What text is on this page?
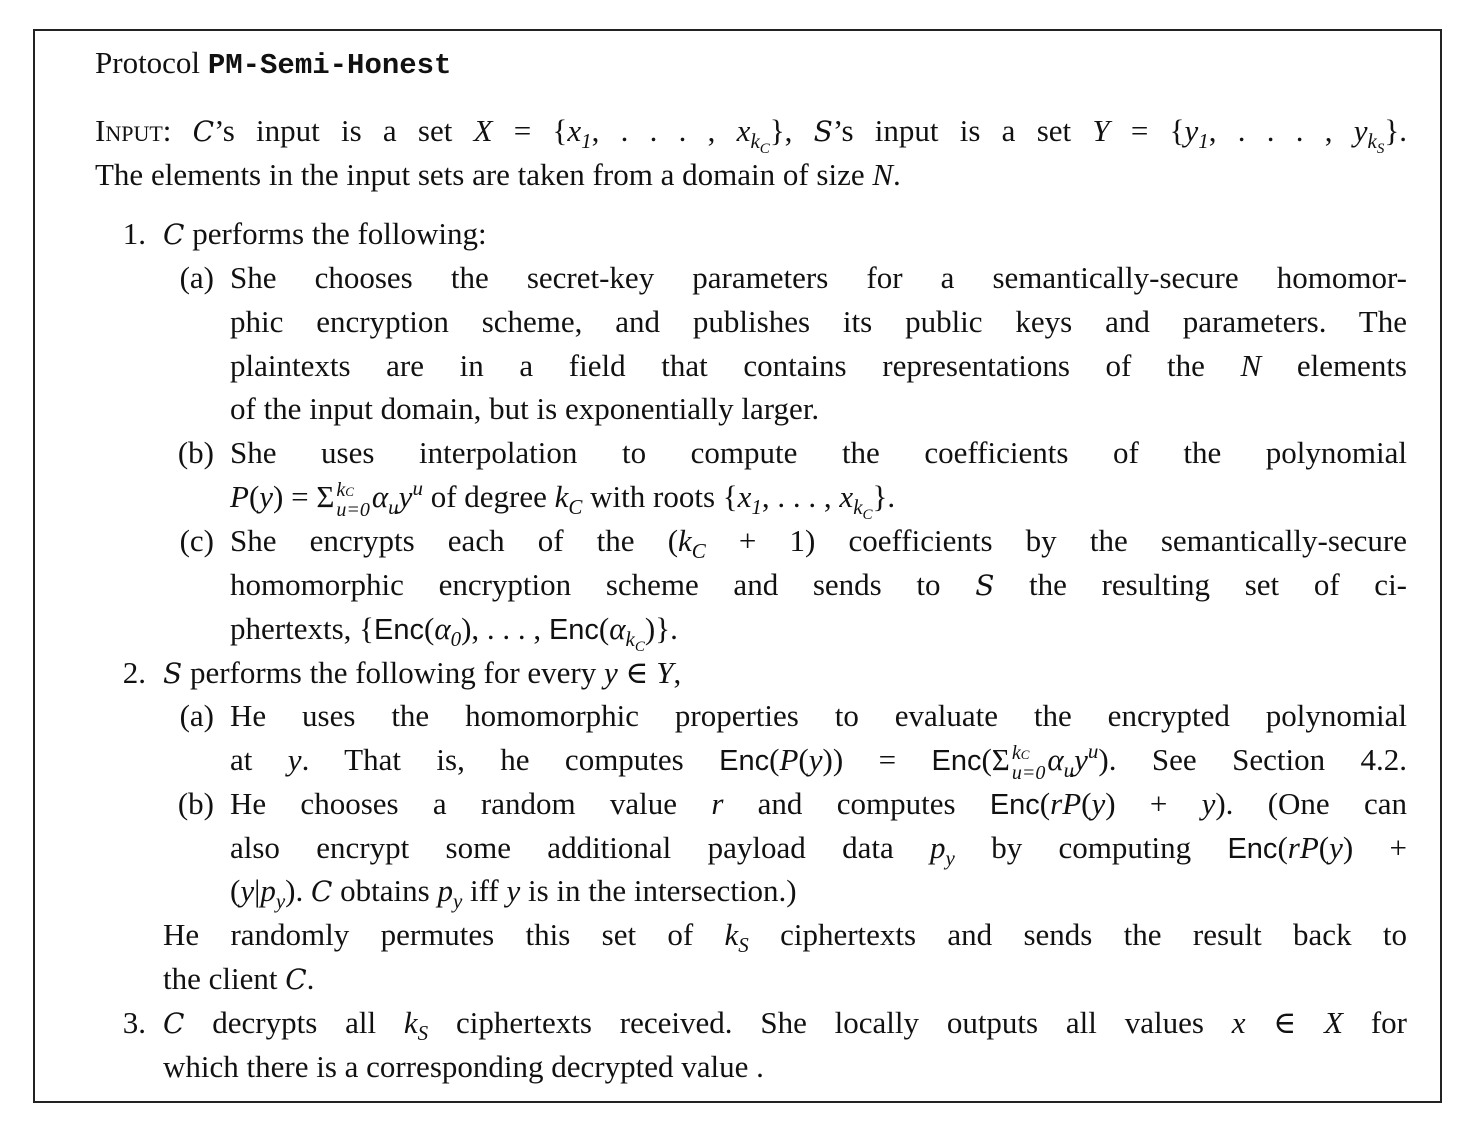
Protocol PM-Semi-Honest
Input: C’s input is a set $X = \{x_1$, . . . , $x_{kC}$}, S’s input is a set $Y = \{y_1$, . . . , $y_{kS}$}.
The elements in the input sets are taken from a domain of size N.
1. C performs the following:
(a) She chooses the secret-key parameters for a semantically-secure homomor-
phic encryption scheme, and publishes its public keys and parameters. The
plaintexts are in a field that contains representations of the N elements
of the input domain, but is exponentially larger.
(b) She uses interpolation to compute the coefficients of the polynomial
P(y) = Σ kC
u=0 $\alpha_uy^u$ of degree $k_C$ with roots {$x_1$, . . . , $x_{kC}$}.
(c) She encrypts each of the $(k_C + 1)$ coefficients by the semantically-secure
homomorphic encryption scheme and sends to S the resulting set of ci-
phertexts, {$Enc(\alpha_0)$, . . . , $Enc(\alpha_{kC})$}.
2. S performs the following for every y ∈ Y,
(a) He uses the homomorphic properties to evaluate the encrypted polynomial
at y. That is, he computes Enc(P(y)) = Enc(Σ kC
u=0 $\alpha_uy^u$). See Section 4.2.
(b) He chooses a random value r and computes Enc(rP(y) + y). (One can
also encrypt some additional payload data $p_y$ by computing Enc(rP(y) +
$(y|p_y)$. C obtains $p_y$ iff y is in the intersection.)
He randomly permutes this set of $k_S$ ciphertexts and sends the result back to
the client C.
3. C decrypts all $k_S$ ciphertexts received. She locally outputs all values x ∈ X for
which there is a corresponding decrypted value .
